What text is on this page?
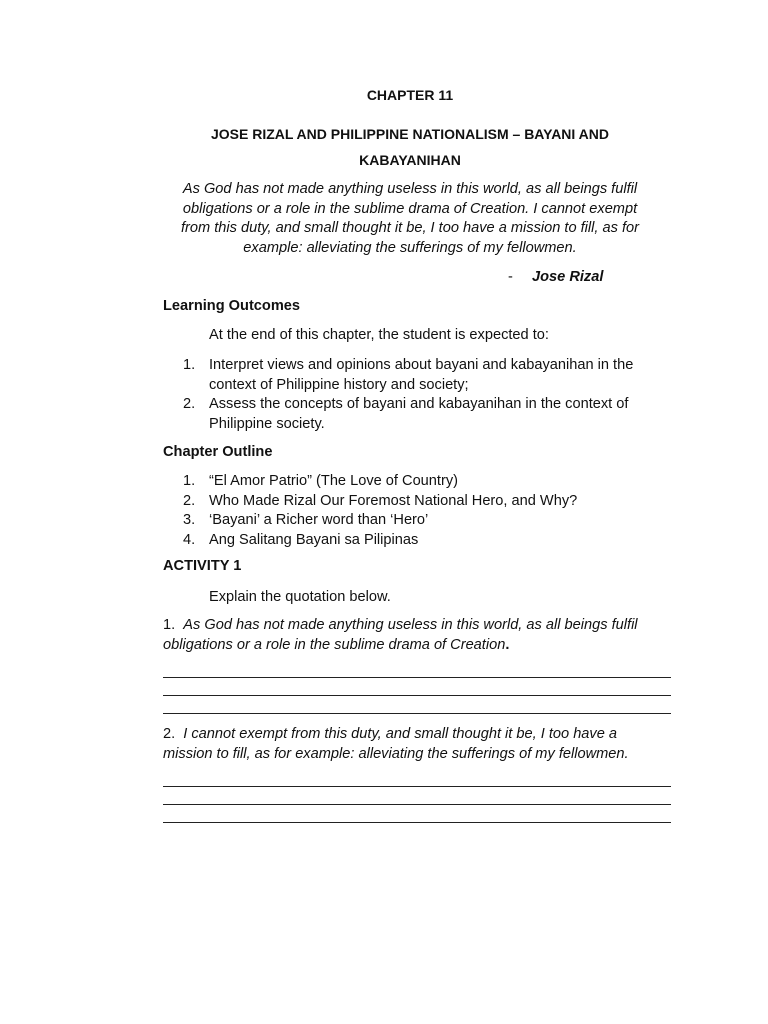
CHAPTER 11
JOSE RIZAL AND PHILIPPINE NATIONALISM – BAYANI AND
KABAYANIHAN
As God has not made anything useless in this world, as all beings fulfil
obligations or a role in the sublime drama of Creation. I cannot exempt
from this duty, and small thought it be, I too have a mission to fill, as for
example: alleviating the sufferings of my fellowmen.
- Jose Rizal
Learning Outcomes
At the end of this chapter, the student is expected to:
1. Interpret views and opinions about bayani and kabayanihan in the
context of Philippine history and society;
2. Assess the concepts of bayani and kabayanihan in the context of
Philippine society.
Chapter Outline
1. “El Amor Patrio” (The Love of Country)
2. Who Made Rizal Our Foremost National Hero, and Why?
3. ‘Bayani’ a Richer word than ‘Hero’
4. Ang Salitang Bayani sa Pilipinas
ACTIVITY 1
Explain the quotation below.
1. As God has not made anything useless in this world, as all beings fulfil
obligations or a role in the sublime drama of Creation.
2. I cannot exempt from this duty, and small thought it be, I too have a
mission to fill, as for example: alleviating the sufferings of my fellowmen.
